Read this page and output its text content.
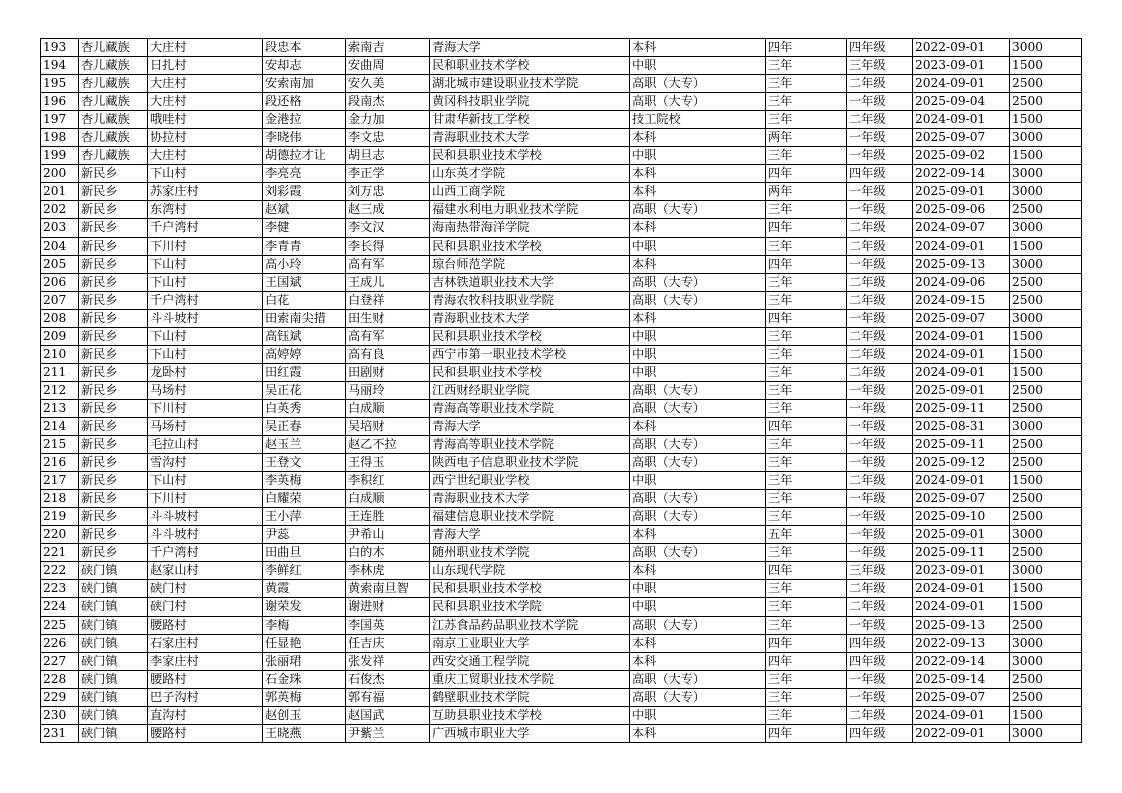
193	杏儿藏族	大庄村	段忠本	索南吉	青海大学	本科	四年	四年级	2022-09-01	3000
194	杏儿藏族	日扎村	安却志	安曲周	民和职业技术学校	中职	三年	三年级	2023-09-01	1500
195	杏儿藏族	大庄村	安索南加	安久美	湖北城市建设职业技术学院	高职（大专）	三年	二年级	2024-09-01	2500
196	杏儿藏族	大庄村	段还格	段南杰	黄冈科技职业学院	高职（大专）	三年	一年级	2025-09-04	2500
197	杏儿藏族	哦哇村	金港拉	金力加	甘肃华新技工学校	技工院校	三年	二年级	2024-09-01	1500
198	杏儿藏族	协拉村	李晓伟	李文忠	青海职业技术大学	本科	两年	一年级	2025-09-07	3000
199	杏儿藏族	大庄村	胡德拉才让	胡旦志	民和县职业技术学校	中职	三年	一年级	2025-09-02	1500
200	新民乡	下山村	李亮亮	李正学	山东英才学院	本科	四年	四年级	2022-09-14	3000
201	新民乡	苏家庄村	刘彩霞	刘万忠	山西工商学院	本科	两年	一年级	2025-09-01	3000
202	新民乡	东湾村	赵斌	赵三成	福建水利电力职业技术学院	高职（大专）	三年	一年级	2025-09-06	2500
203	新民乡	千户湾村	李健	李文汉	海南热带海洋学院	本科	四年	二年级	2024-09-07	3000
204	新民乡	下川村	李青青	李长得	民和县职业技术学校	中职	三年	二年级	2024-09-01	1500
205	新民乡	下山村	高小玲	高有军	琼台师范学院	本科	四年	一年级	2025-09-13	3000
206	新民乡	下山村	王国斌	王成儿	吉林铁道职业技术大学	高职（大专）	三年	二年级	2024-09-06	2500
207	新民乡	千户湾村	白花	白登祥	青海农牧科技职业学院	高职（大专）	三年	二年级	2024-09-15	2500
208	新民乡	斗斗坡村	田索南尖措	田生财	青海职业技术大学	本科	四年	一年级	2025-09-07	3000
209	新民乡	下山村	高钰斌	高有军	民和县职业技术学校	中职	三年	二年级	2024-09-01	1500
210	新民乡	下山村	高婷婷	高有良	西宁市第一职业技术学校	中职	三年	二年级	2024-09-01	1500
211	新民乡	龙卧村	田红霞	田剧财	民和县职业技术学校	中职	三年	二年级	2024-09-01	1500
212	新民乡	马场村	吴正花	马丽玲	江西财经职业学院	高职（大专）	三年	一年级	2025-09-01	2500
213	新民乡	下川村	白英秀	白成顺	青海高等职业技术学院	高职（大专）	三年	一年级	2025-09-11	2500
214	新民乡	马场村	吴正春	吴培财	青海大学	本科	四年	一年级	2025-08-31	3000
215	新民乡	毛拉山村	赵玉兰	赵乙不拉	青海高等职业技术学院	高职（大专）	三年	一年级	2025-09-11	2500
216	新民乡	雪沟村	王登文	王得玉	陕西电子信息职业技术学院	高职（大专）	三年	一年级	2025-09-12	2500
217	新民乡	下山村	李英梅	李积红	西宁世纪职业学校	中职	三年	二年级	2024-09-01	1500
218	新民乡	下川村	白耀荣	白成顺	青海职业技术大学	高职（大专）	三年	一年级	2025-09-07	2500
219	新民乡	斗斗坡村	王小萍	王连胜	福建信息职业技术学院	高职（大专）	三年	一年级	2025-09-10	2500
220	新民乡	斗斗坡村	尹蕊	尹希山	青海大学	本科	五年	一年级	2025-09-01	3000
221	新民乡	千户湾村	田曲旦	白的木	随州职业技术学院	高职（大专）	三年	一年级	2025-09-11	2500
222	硖门镇	赵家山村	李鲜红	李林虎	山东现代学院	本科	四年	三年级	2023-09-01	3000
223	硖门镇	硖门村	黄霞	黄索南旦智	民和县职业技术学校	中职	三年	二年级	2024-09-01	1500
224	硖门镇	硖门村	谢荣发	谢进财	民和县职业技术学院	中职	三年	二年级	2024-09-01	1500
225	硖门镇	腰路村	李梅	李国英	江苏食品药品职业技术学院	高职（大专）	三年	一年级	2025-09-13	2500
226	硖门镇	石家庄村	任显艳	任吉庆	南京工业职业大学	本科	四年	四年级	2022-09-13	3000
227	硖门镇	李家庄村	张丽珺	张发祥	西安交通工程学院	本科	四年	四年级	2022-09-14	3000
228	硖门镇	腰路村	石金珠	石俊杰	重庆工贸职业技术学院	高职（大专）	三年	一年级	2025-09-14	2500
229	硖门镇	巴子沟村	郭英梅	郭有福	鹤壁职业技术学院	高职（大专）	三年	一年级	2025-09-07	2500
230	硖门镇	直沟村	赵创玉	赵国武	互助县职业技术学校	中职	三年	二年级	2024-09-01	1500
231	硖门镇	腰路村	王晓燕	尹紫兰	广西城市职业大学	本科	四年	四年级	2022-09-01	3000
